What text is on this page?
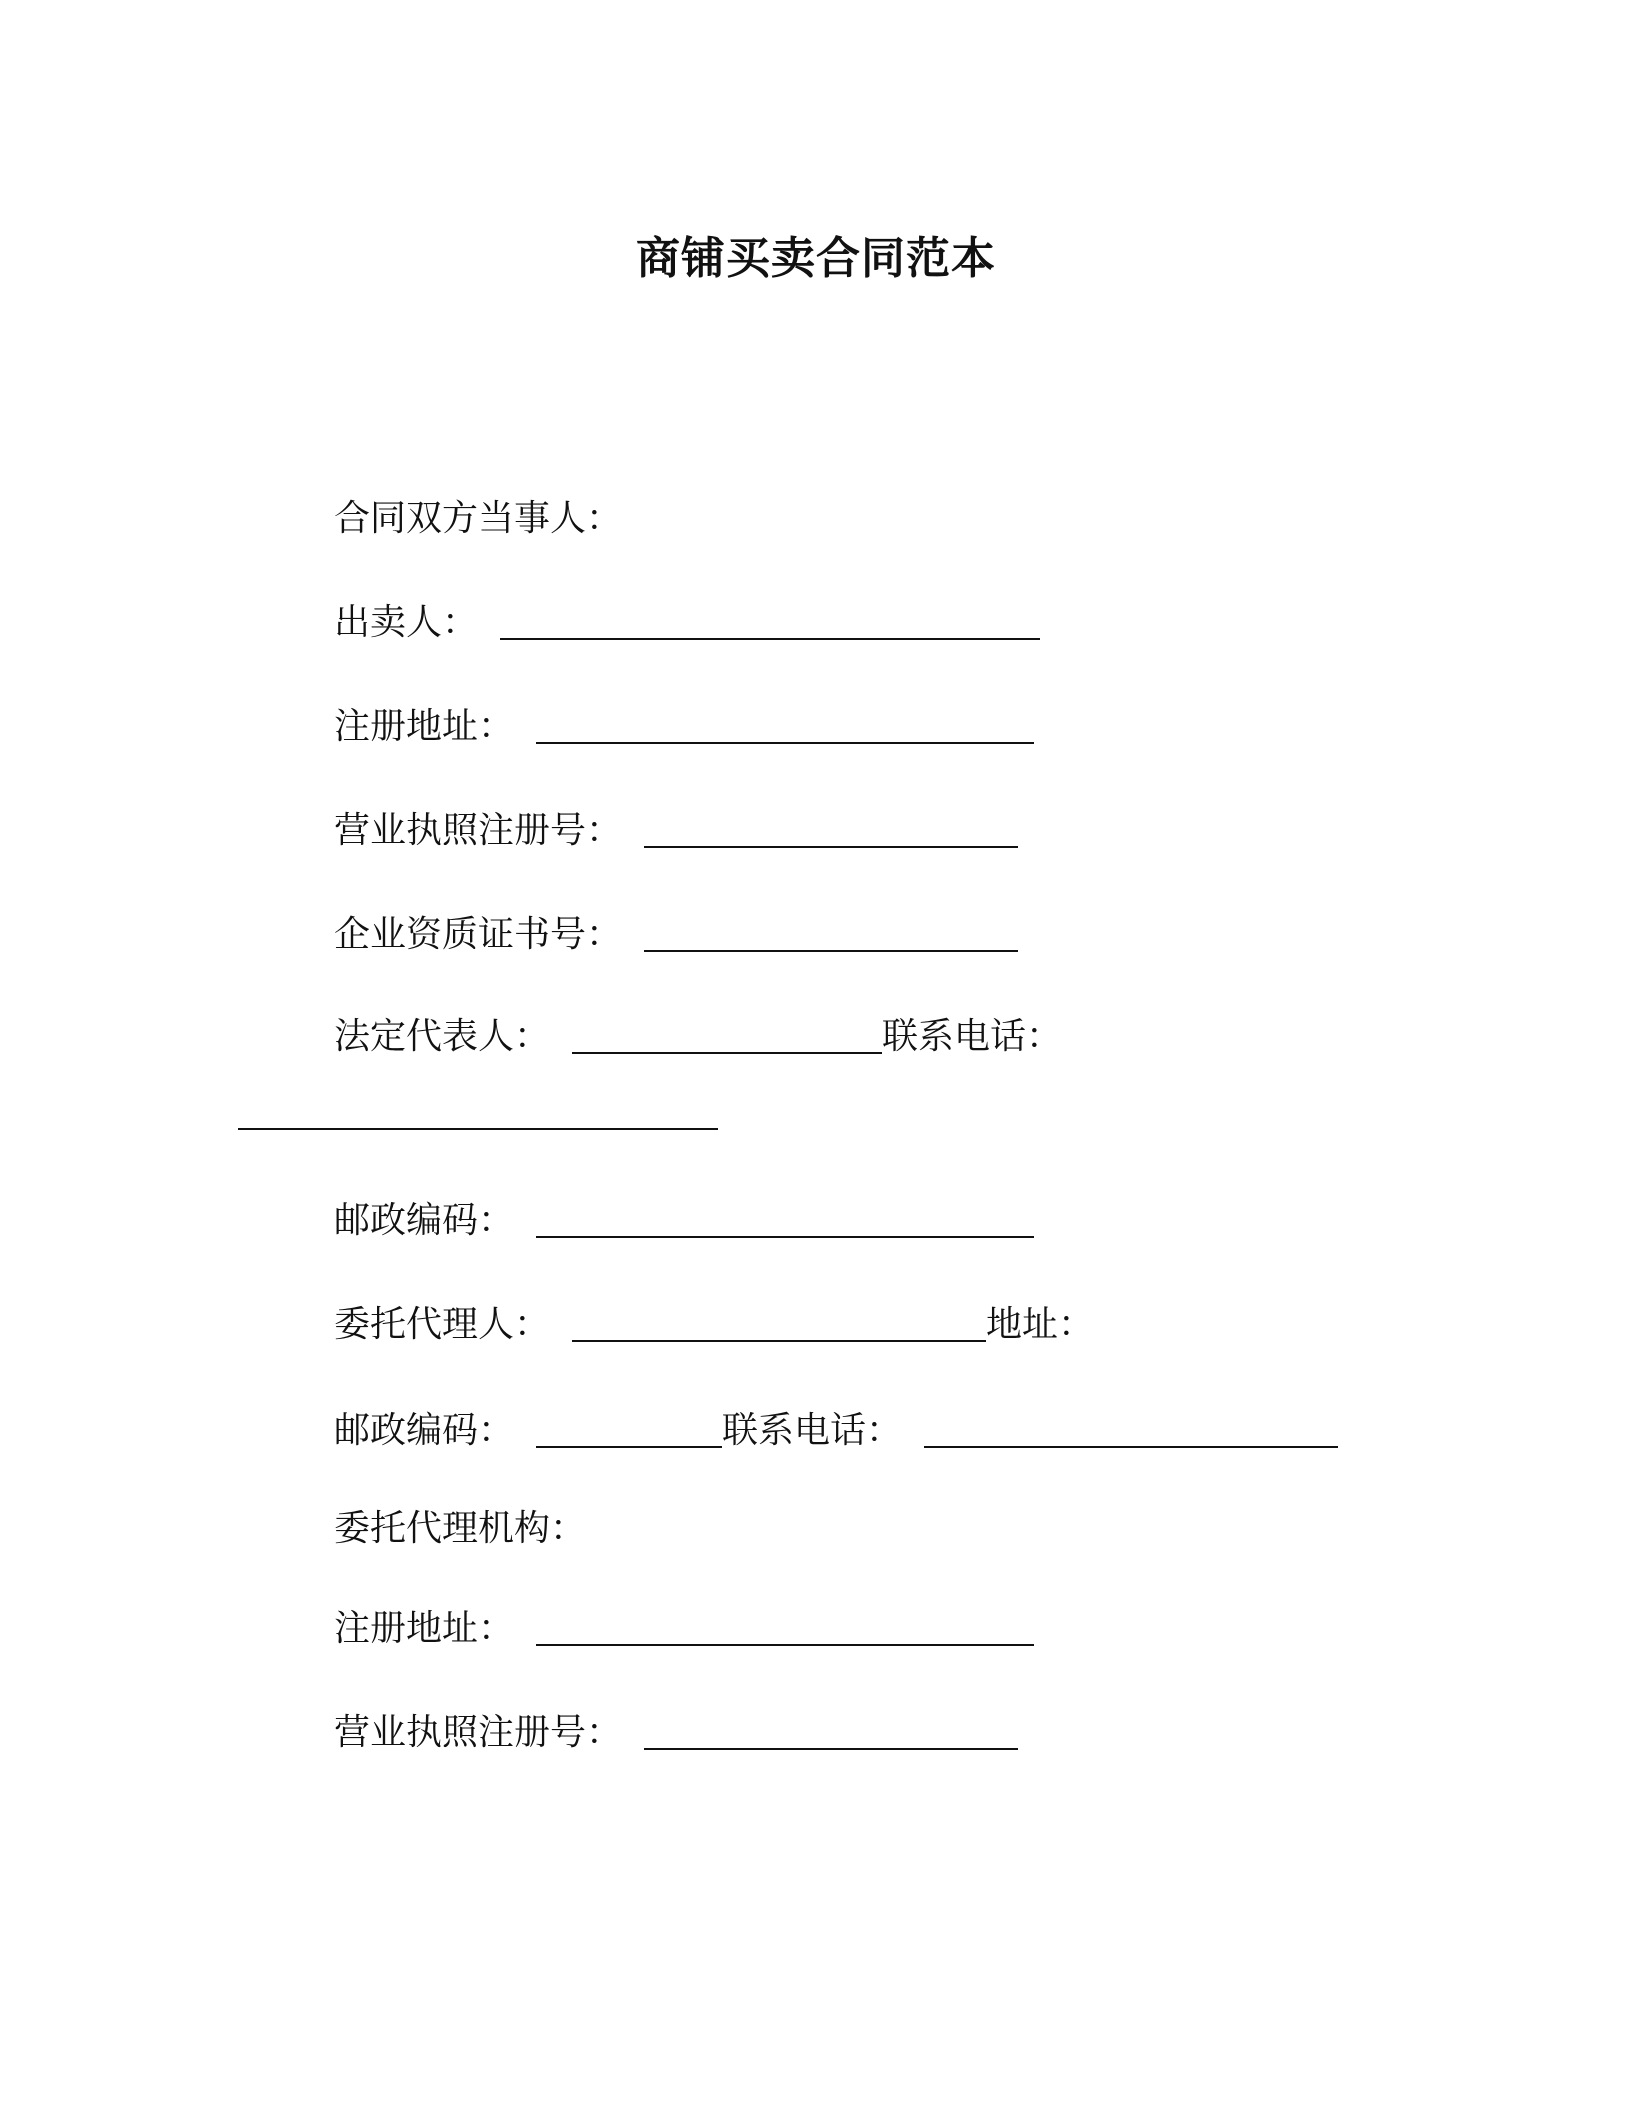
商铺买卖合同范本
合同双方当事人：
出卖人：
注册地址：
营业执照注册号：
企业资质证书号：
法定代表人：	联系电话：
邮政编码：
委托代理人：	地址：
邮政编码：	联系电话：
委托代理机构：
注册地址：
营业执照注册号：
